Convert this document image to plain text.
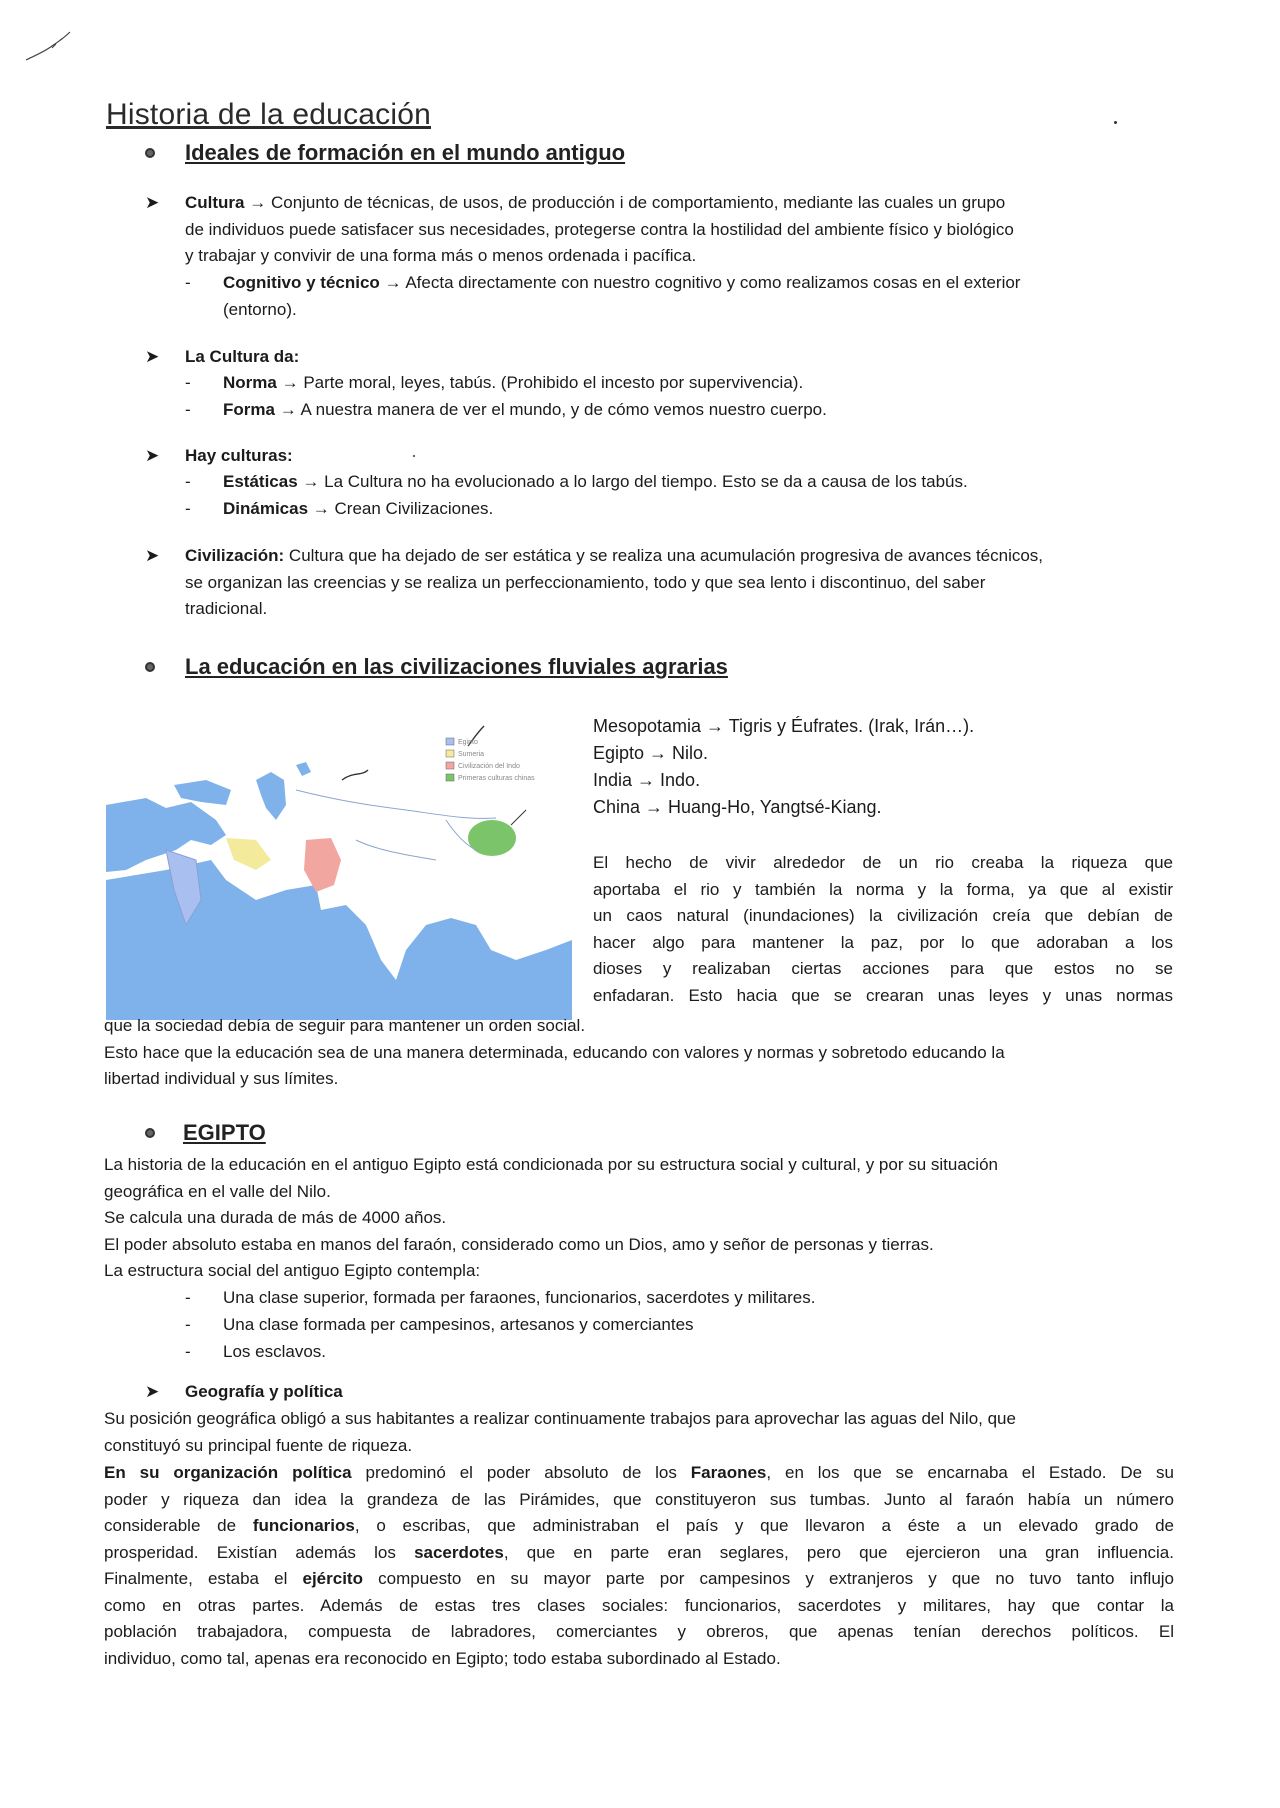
Historia de la educación
Ideales de formación en el mundo antiguo
➤ Cultura → Conjunto de técnicas, de usos, de producción i de comportamiento, mediante las cuales un grupo
de individuos puede satisfacer sus necesidades, protegerse contra la hostilidad del ambiente físico y biológico
y trabajar y convivir de una forma más o menos ordenada i pacífica.
- Cognitivo y técnico → Afecta directamente con nuestro cognitivo y como realizamos cosas en el exterior
(entorno).
➤ La Cultura da:
- Norma → Parte moral, leyes, tabús. (Prohibido el incesto por supervivencia).
- Forma → A nuestra manera de ver el mundo, y de cómo vemos nuestro cuerpo.
➤ Hay culturas:
- Estáticas → La Cultura no ha evolucionado a lo largo del tiempo. Esto se da a causa de los tabús.
- Dinámicas → Crean Civilizaciones.
➤ Civilización: Cultura que ha dejado de ser estática y se realiza una acumulación progresiva de avances técnicos,
se organizan las creencias y se realiza un perfeccionamiento, todo y que sea lento i discontinuo, del saber
tradicional.
La educación en las civilizaciones fluviales agrarias
Egipto
Sumeria
Civilización del Indo
Primeras culturas chinas
Mesopotamia → Tigris y Éufrates. (Irak, Irán…).
Egipto → Nilo.
India → Indo.
China → Huang-Ho, Yangtsé-Kiang.
El hecho de vivir alrededor de un rio creaba la riqueza que
aportaba el rio y también la norma y la forma, ya que al existir
un caos natural (inundaciones) la civilización creía que debían de
hacer algo para mantener la paz, por lo que adoraban a los
dioses y realizaban ciertas acciones para que estos no se
enfadaran. Esto hacia que se crearan unas leyes y unas normas
que la sociedad debía de seguir para mantener un orden social.
Esto hace que la educación sea de una manera determinada, educando con valores y normas y sobretodo educando la
libertad individual y sus límites.
EGIPTO
La historia de la educación en el antiguo Egipto está condicionada por su estructura social y cultural, y por su situación
geográfica en el valle del Nilo.
Se calcula una durada de más de 4000 años.
El poder absoluto estaba en manos del faraón, considerado como un Dios, amo y señor de personas y tierras.
La estructura social del antiguo Egipto contempla:
- Una clase superior, formada per faraones, funcionarios, sacerdotes y militares.
- Una clase formada per campesinos, artesanos y comerciantes
- Los esclavos.
➤ Geografía y política
Su posición geográfica obligó a sus habitantes a realizar continuamente trabajos para aprovechar las aguas del Nilo, que
constituyó su principal fuente de riqueza.
En su organización política predominó el poder absoluto de los Faraones, en los que se encarnaba el Estado. De su
poder y riqueza dan idea la grandeza de las Pirámides, que constituyeron sus tumbas. Junto al faraón había un número
considerable de funcionarios, o escribas, que administraban el país y que llevaron a éste a un elevado grado de
prosperidad. Existían además los sacerdotes, que en parte eran seglares, pero que ejercieron una gran influencia.
Finalmente, estaba el ejército compuesto en su mayor parte por campesinos y extranjeros y que no tuvo tanto influjo
como en otras partes. Además de estas tres clases sociales: funcionarios, sacerdotes y militares, hay que contar la
población trabajadora, compuesta de labradores, comerciantes y obreros, que apenas tenían derechos políticos. El
individuo, como tal, apenas era reconocido en Egipto; todo estaba subordinado al Estado.
